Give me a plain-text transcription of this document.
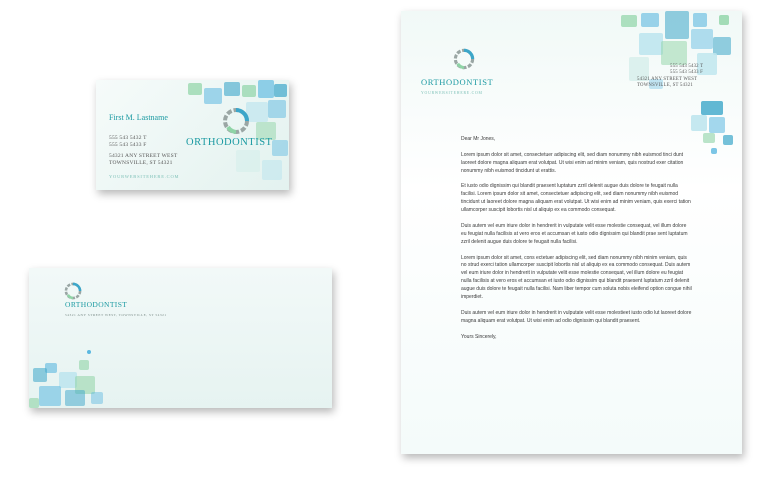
First M. Lastname
555 543 5432 T
555 543 5433 F
54321 ANY STREET WEST
TOWNSVILLE, ST 54321
ORTHODONTIST
YOURWEBSITEHERE.COM
ORTHODONTIST
54321 ANY STREET WEST, TOWNSVILLE, ST 54321
ORTHODONTIST
YOURWEBSITEHERE.COM
555 543 5432 T
555 543 5433 F
54321 ANY STREET WEST
TOWNSVILLE, ST 54321

Dear Mr Jones,

Lorem ipsum dolor sit amet, consectetuer adipiscing elit, sed diam nonummy nibh euismod tinci dunt laoreet dolore magna aliquam erat volutpat. Ut wisi enim ad minim veniam, quis nostrud exer citation nonummy nibh euismod tincidunt ut erattis.

Et iusto odio dignissim qui blandit praesent luptatum zzril delenit augue duis dolore te feugait nulla facilisi. Lorem ipsum dolor sit amet, consectetuer adipiscing elit, sed diam nonummy nibh euismod tincidunt ut laoreet dolore magna aliquam erat volutpat. Ut wisi enim ad minim veniam, quis exerci tation ullamcorper suscipit lobortis nisl ut aliquip ex ea commodo consequat.

Duis autem vel eum iriure dolor in hendrerit in vulputate velit esse molestie consequat, vel illum dolore eu feugiat nulla facilisis at vero eros et accumsan et iusto odio dignissim qui blandit prae sent luptatum zzril delenit augue duis dolore te feugait nulla facilisi.

Lorem ipsum dolor sit amet, cons ectetuer adipiscing elit, sed diam nonummy nibh minim veniam, quis no strud exerci tation ullamcorper suscipit lobortis nisl ut aliquip ex ea commodo consequat. Duis autem vel eum iriure dolor in hendrerit in vulputate velit esse molestie consequat, vel illum dolore eu feugiat nulla facilisis at vero eros et accumsan et iusto odio dignissim qui blandit praesent luptatum zzril delenit augue duis dolore te feugait nulla facilisi. Nam liber tempor cum soluta nobis eleifend option congue nihil imperdiet.

Duis autem vel eum iriure dolor in hendrerit in vulputate velit esse molestieet iusto odio lut laoreet dolore magna aliquam erat volutpat. Ut wisi enim ad odio dignissim qui blandit praesent.

Yours Sincerely,
